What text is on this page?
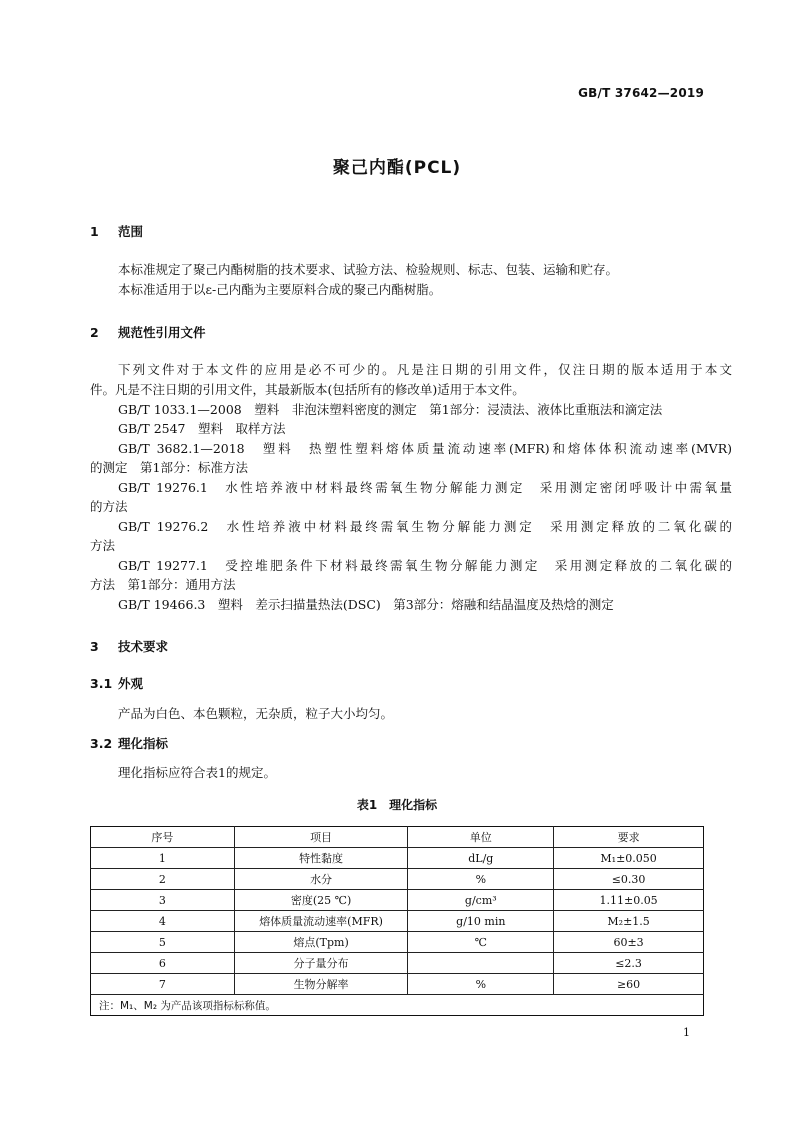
GB/T 37642—2019
聚己内酯(PCL)
1 范围
本标准规定了聚己内酯树脂的技术要求、试验方法、检验规则、标志、包装、运输和贮存。
本标准适用于以ε-己内酯为主要原料合成的聚己内酯树脂。
2 规范性引用文件
下列文件对于本文件的应用是必不可少的。凡是注日期的引用文件，仅注日期的版本适用于本文
件。凡是不注日期的引用文件，其最新版本(包括所有的修改单)适用于本文件。
GB/T 1033.1—2008　塑料　非泡沫塑料密度的测定　第1部分：浸渍法、液体比重瓶法和滴定法
GB/T 2547　塑料　取样方法
GB/T 3682.1—2018　塑料　热塑性塑料熔体质量流动速率(MFR)和熔体体积流动速率(MVR)
的测定　第1部分：标准方法
GB/T 19276.1　水性培养液中材料最终需氧生物分解能力测定　采用测定密闭呼吸计中需氧量
的方法
GB/T 19276.2　水性培养液中材料最终需氧生物分解能力测定　采用测定释放的二氧化碳的
方法
GB/T 19277.1　受控堆肥条件下材料最终需氧生物分解能力测定　采用测定释放的二氧化碳的
方法　第1部分：通用方法
GB/T 19466.3　塑料　差示扫描量热法(DSC)　第3部分：熔融和结晶温度及热焓的测定
3 技术要求
3.1 外观
产品为白色、本色颗粒，无杂质，粒子大小均匀。
3.2 理化指标
理化指标应符合表1的规定。
表1　理化指标
序号	项目	单位	要求
1	特性黏度	dL/g	M₁±0.050
2	水分	%	≤0.30
3	密度(25 ℃)	g/cm³	1.11±0.05
4	熔体质量流动速率(MFR)	g/10 min	M₂±1.5
5	熔点(Tpm)	℃	60±3
6	分子量分布		≤2.3
7	生物分解率	%	≥60
注：M₁、M₂ 为产品该项指标标称值。			
1
